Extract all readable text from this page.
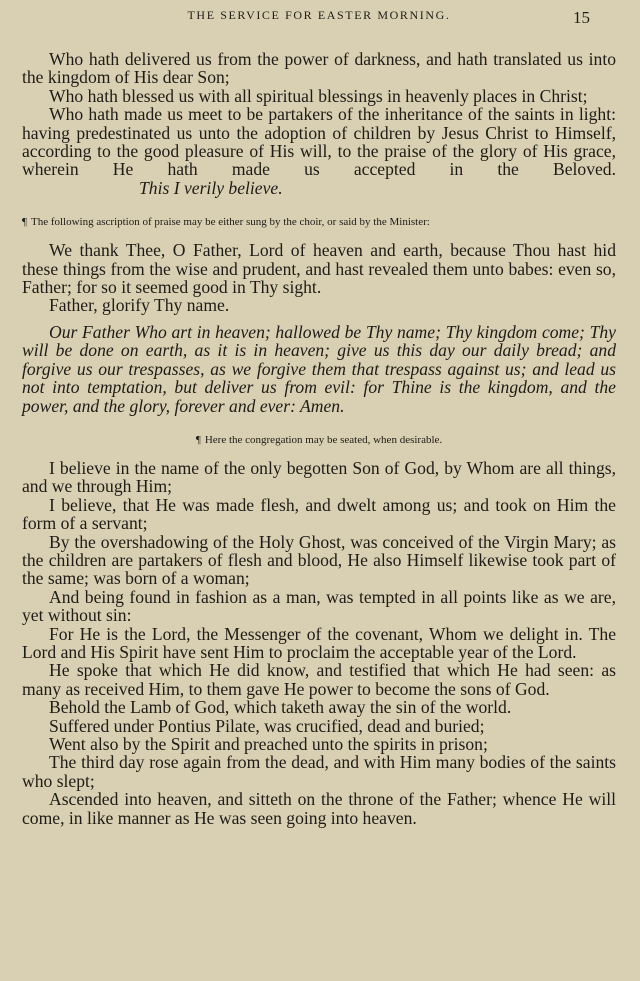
THE SERVICE FOR EASTER MORNING.	15

Who hath delivered us from the power of darkness, and hath translated us into the kingdom of His dear Son;

Who hath blessed us with all spiritual blessings in heavenly places in Christ;

Who hath made us meet to be partakers of the inheritance of the saints in light: having predestinated us unto the adoption of children by Jesus Christ to Himself, according to the good pleasure of His will, to the praise of the glory of His grace, wherein He hath made us accepted in the Beloved.This I verily believe.

¶ The following ascription of praise may be either sung by the choir, or said by the Minister:

We thank Thee, O Father, Lord of heaven and earth, because Thou hast hid these things from the wise and prudent, and hast revealed them unto babes: even so, Father; for so it seemed good in Thy sight.

Father, glorify Thy name.

Our Father Who art in heaven; hallowed be Thy name; Thy kingdom come; Thy will be done on earth, as it is in heaven; give us this day our daily bread; and forgive us our trespasses, as we forgive them that trespass against us; and lead us not into temptation, but deliver us from evil: for Thine is the kingdom, and the power, and the glory, forever and ever: Amen.

¶ Here the congregation may be seated, when desirable.

I believe in the name of the only begotten Son of God, by Whom are all things, and we through Him;

I believe, that He was made flesh, and dwelt among us; and took on Him the form of a servant;

By the overshadowing of the Holy Ghost, was conceived of the Virgin Mary; as the children are partakers of flesh and blood, He also Himself likewise took part of the same; was born of a woman;

And being found in fashion as a man, was tempted in all points like as we are, yet without sin:

For He is the Lord, the Messenger of the covenant, Whom we delight in. The Lord and His Spirit have sent Him to proclaim the acceptable year of the Lord.

He spoke that which He did know, and testified that which He had seen: as many as received Him, to them gave He power to become the sons of God.

Behold the Lamb of God, which taketh away the sin of the world.

Suffered under Pontius Pilate, was crucified, dead and buried;

Went also by the Spirit and preached unto the spirits in prison;

The third day rose again from the dead, and with Him many bodies of the saints who slept;

Ascended into heaven, and sitteth on the throne of the Father; whence He will come, in like manner as He was seen going into heaven.
